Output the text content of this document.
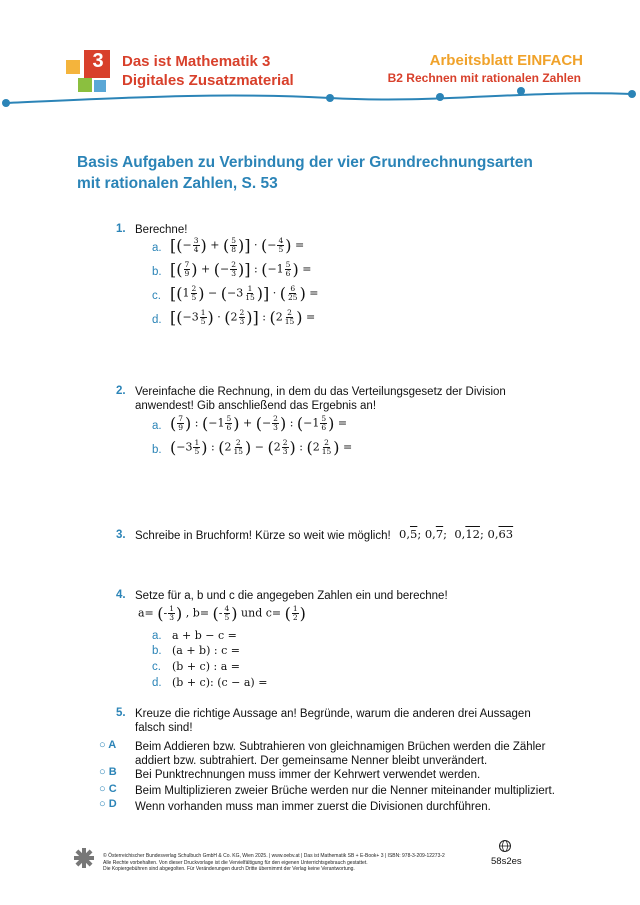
3 Das ist Mathematik 3
Digitales Zusatzmaterial
Arbeitsblatt EINFACH
B2 Rechnen mit rationalen Zahlen
Basis Aufgaben zu Verbindung der vier Grundrechnungsarten
mit rationalen Zahlen, S. 53
1. Berechne!
a. [(− $\frac{3}{4}$ ) + ( $\frac{5}{8}$ )] · (− $\frac{4}{5}$ ) =
b. [( $\frac{7}{9}$ ) + (− $\frac{2}{3}$ )] : ($-1 \frac{5}{6}$ ) =
c. [($1 \frac{2}{5}$ ) − ($-3 \frac{1}{15}$ )] · ( $\frac{6}{25}$ ) =
d. [($-3 \frac{1}{5}$ ) · ($2 \frac{2}{3}$ )] : ($2 \frac{2}{15}$ ) =
2. Vereinfache die Rechnung, in dem du das Verteilungsgesetz der Division
anwendest! Gib anschließend das Ergebnis an!
a. ( $\frac{7}{9}$ ) : ($-1 \frac{5}{6}$ ) + (− $\frac{2}{3}$ ) : ($-1 \frac{5}{6}$ ) =
b. ($-3 \frac{1}{5}$ ) : ($2 \frac{2}{15}$ ) − ($2 \frac{2}{3}$ ) : ($2 \frac{2}{15}$ ) =
3. Schreibe in Bruchform! Kürze so weit wie möglich! 0,5; 0,7;  0,12; 0,63
4. Setze für a, b und c die angegeben Zahlen ein und berechne!
a= (- $\frac{1}{3}$ ) , b= (- $\frac{4}{5}$ ) und c= ( $\frac{1}{2}$ )
a. a + b − c =
b. (a + b) : c =
c. (b + c) : a =
d. (b + c): (c − a) =
5. Kreuze die richtige Aussage an! Begründe, warum die anderen drei Aussagen
falsch sind!
○ A Beim Addieren bzw. Subtrahieren von gleichnamigen Brüchen werden die Zähler
addiert bzw. subtrahiert. Der gemeinsame Nenner bleibt unverändert.
○ B Bei Punktrechnungen muss immer der Kehrwert verwendet werden.
○ C Beim Multiplizieren zweier Brüche werden nur die Nenner miteinander multipliziert.
○ D Wenn vorhanden muss man immer zuerst die Divisionen durchführen.
© Österreichischer Bundesverlag Schulbuch GmbH & Co. KG, Wien 2025. | www.oebv.at | Das ist Mathematik SB + E-Book+ 3 | ISBN: 978-3-209-12273-2
Alle Rechte vorbehalten. Von dieser Druckvorlage ist die Vervielfältigung für den eigenen Unterrichtsgebrauch gestattet.
Die Kopiergebühren sind abgegolten. Für Veränderungen durch Dritte übernimmt der Verlag keine Verantwortung.
58s2es
